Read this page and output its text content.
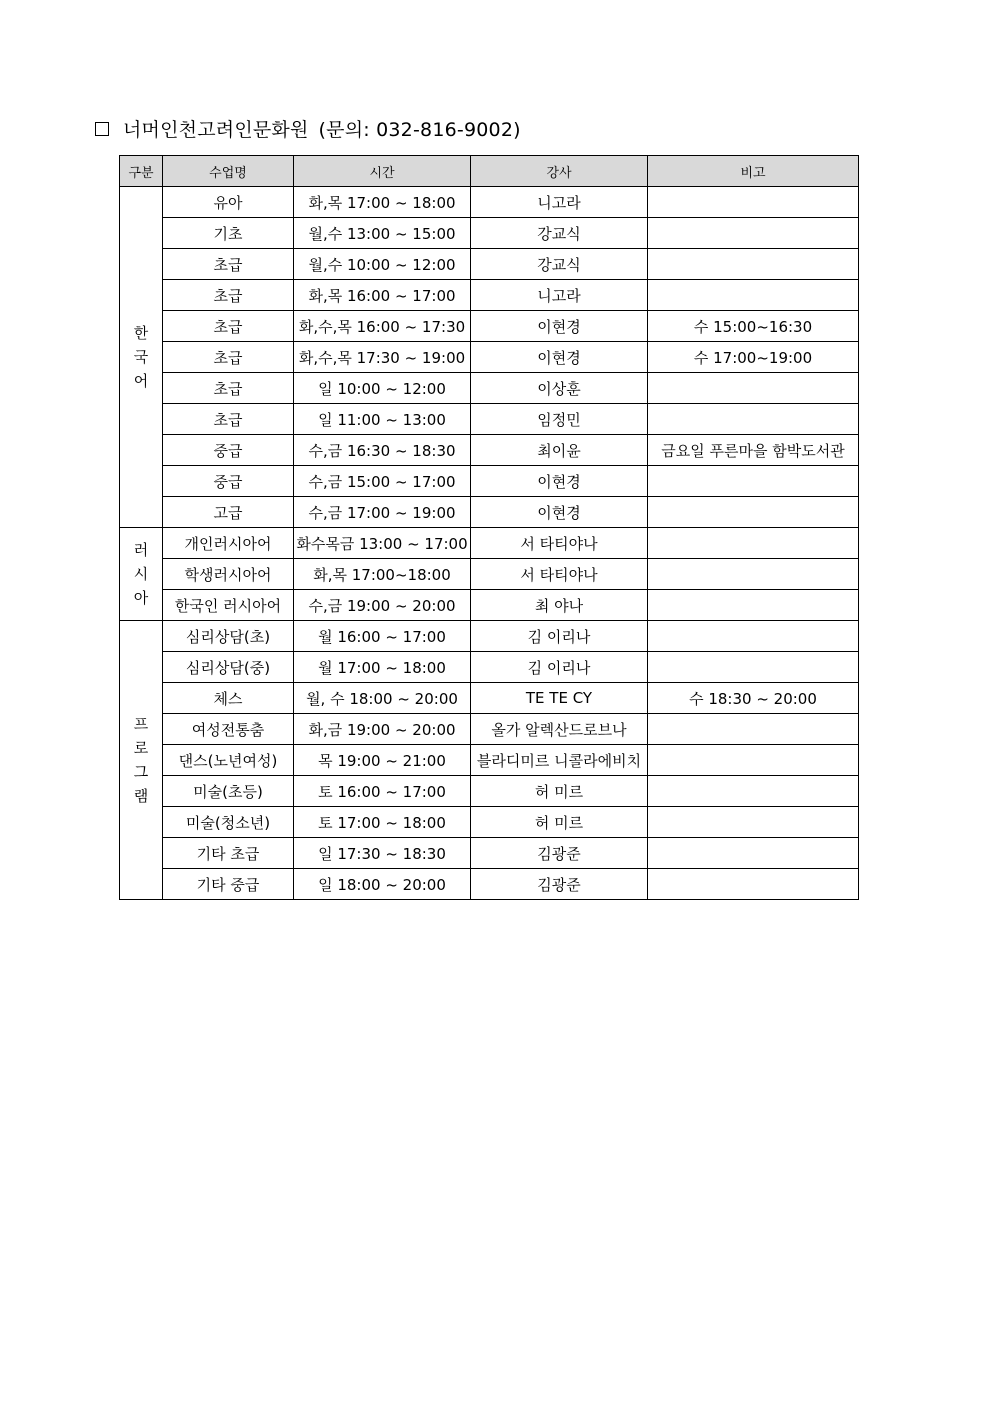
너머인천고려인문화원 (문의: 032-816-9002)
구분	수업명	시간	강사	비고
한국어	유아	화,목 17:00 ~ 18:00	니고라	
	기초	월,수 13:00 ~ 15:00	강교식	
	초급	월,수 10:00 ~ 12:00	강교식	
	초급	화,목 16:00 ~ 17:00	니고라	
	초급	화,수,목 16:00 ~ 17:30	이현경	수 15:00~16:30
	초급	화,수,목 17:30 ~ 19:00	이현경	수 17:00~19:00
	초급	일 10:00 ~ 12:00	이상훈	
	초급	일 11:00 ~ 13:00	임정민	
	중급	수,금 16:30 ~ 18:30	최이윤	금요일 푸른마을 함박도서관
	중급	수,금 15:00 ~ 17:00	이현경	
	고급	수,금 17:00 ~ 19:00	이현경	
러시아	개인러시아어	화수목금 13:00 ~ 17:00	서 타티야나	
	학생러시아어	화,목 17:00~18:00	서 타티야나	
	한국인 러시아어	수,금 19:00 ~ 20:00	최 야나	
프로그램	심리상담(초)	월 16:00 ~ 17:00	김 이리나	
	심리상담(중)	월 17:00 ~ 18:00	김 이리나	
	체스	월, 수 18:00 ~ 20:00	TE TE CY	수 18:30 ~ 20:00
	여성전통춤	화,금 19:00 ~ 20:00	올가 알렉산드로브나	
	댄스(노년여성)	목 19:00 ~ 21:00	블라디미르 니콜라에비치	
	미술(초등)	토 16:00 ~ 17:00	허 미르	
	미술(청소년)	토 17:00 ~ 18:00	허 미르	
	기타 초급	일 17:30 ~ 18:30	김광준	
	기타 중급	일 18:00 ~ 20:00	김광준	
